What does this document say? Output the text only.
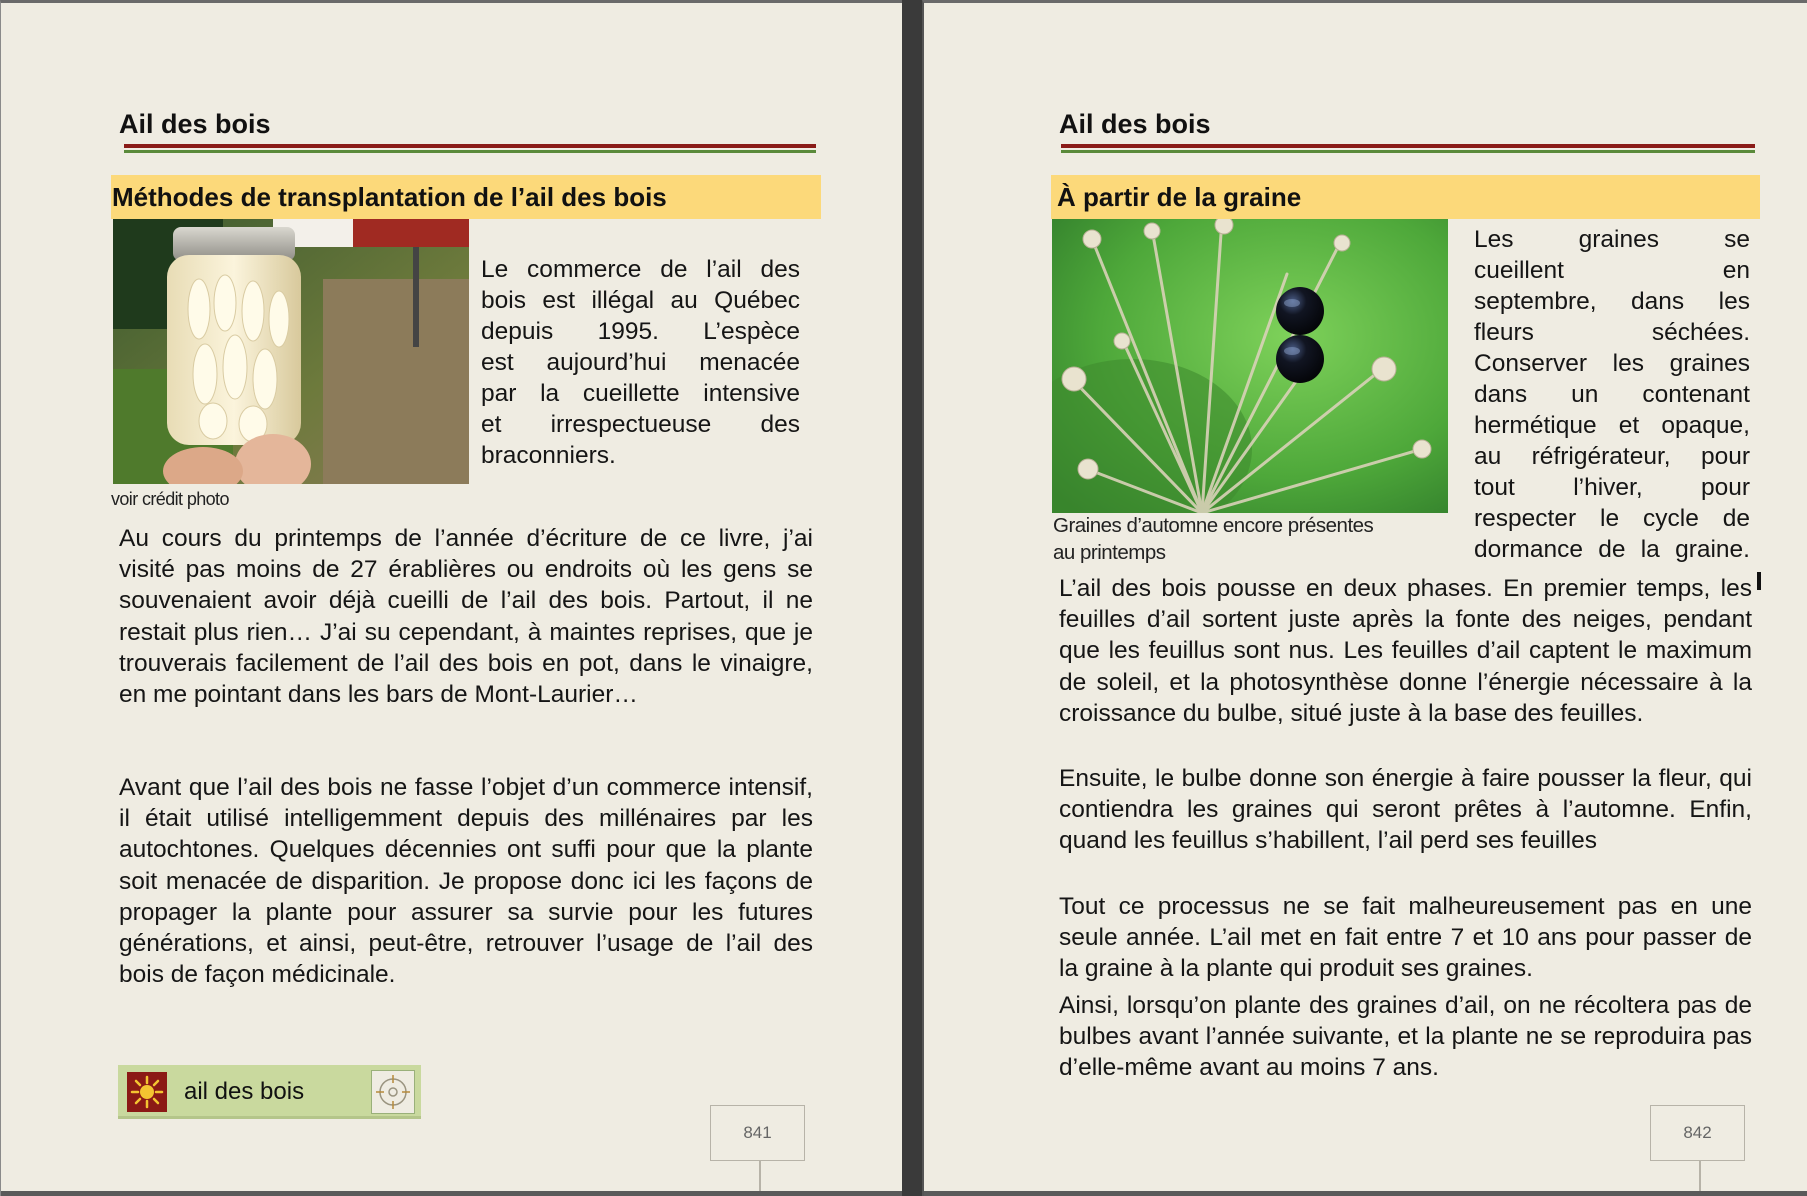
Ail des bois
Méthodes de transplantation de l’ail des bois
voir crédit photo
Le commerce de l’ail des
bois est illégal au Québec
depuis 1995. L’espèce
est aujourd’hui menacée
par la cueillette intensive
et irrespectueuse des
braconniers.
Au cours du printemps de l’année d’écriture de ce livre, j’ai visité pas moins de 27 érablières ou endroits où les gens se souvenaient avoir déjà cueilli de l’ail des bois. Partout, il ne restait plus rien… J’ai su cependant, à maintes reprises, que je trouverais facilement de l’ail des bois en pot, dans le vinaigre, en me pointant dans les bars de Mont-Laurier…
Avant que l’ail des bois ne fasse l’objet d’un commerce intensif, il était utilisé intelligemment depuis des millénaires par les autochtones. Quelques décennies ont suffi pour que la plante soit menacée de disparition. Je propose donc ici les façons de propager la plante pour assurer sa survie pour les futures générations, et ainsi, peut-être, retrouver l’usage de l’ail des bois de façon médicinale.
ail des bois
841
Ail des bois
À partir de la graine
Graines d’automne encore présentes
au printemps
Les graines se
cueillent en
septembre, dans les
fleurs séchées.
Conserver les graines
dans un contenant
hermétique et opaque,
au réfrigérateur, pour
tout l’hiver, pour
respecter le cycle de
dormance de la graine.
L’ail des bois pousse en deux phases. En premier temps, les feuilles d’ail sortent juste après la fonte des neiges, pendant que les feuillus sont nus. Les feuilles d’ail captent le maximum de soleil, et la photosynthèse donne l’énergie nécessaire à la croissance du bulbe, situé juste à la base des feuilles.
Ensuite, le bulbe donne son énergie à faire pousser la fleur, qui contiendra les graines qui seront prêtes à l’automne. Enfin, quand les feuillus s’habillent, l’ail perd ses feuilles
Tout ce processus ne se fait malheureusement pas en une seule année. L’ail met en fait entre 7 et 10 ans pour passer de la graine à la plante qui produit ses graines.
Ainsi, lorsqu’on plante des graines d’ail, on ne récoltera pas de bulbes avant l’année suivante, et la plante ne se reproduira pas d’elle-même avant au moins 7 ans.
842
